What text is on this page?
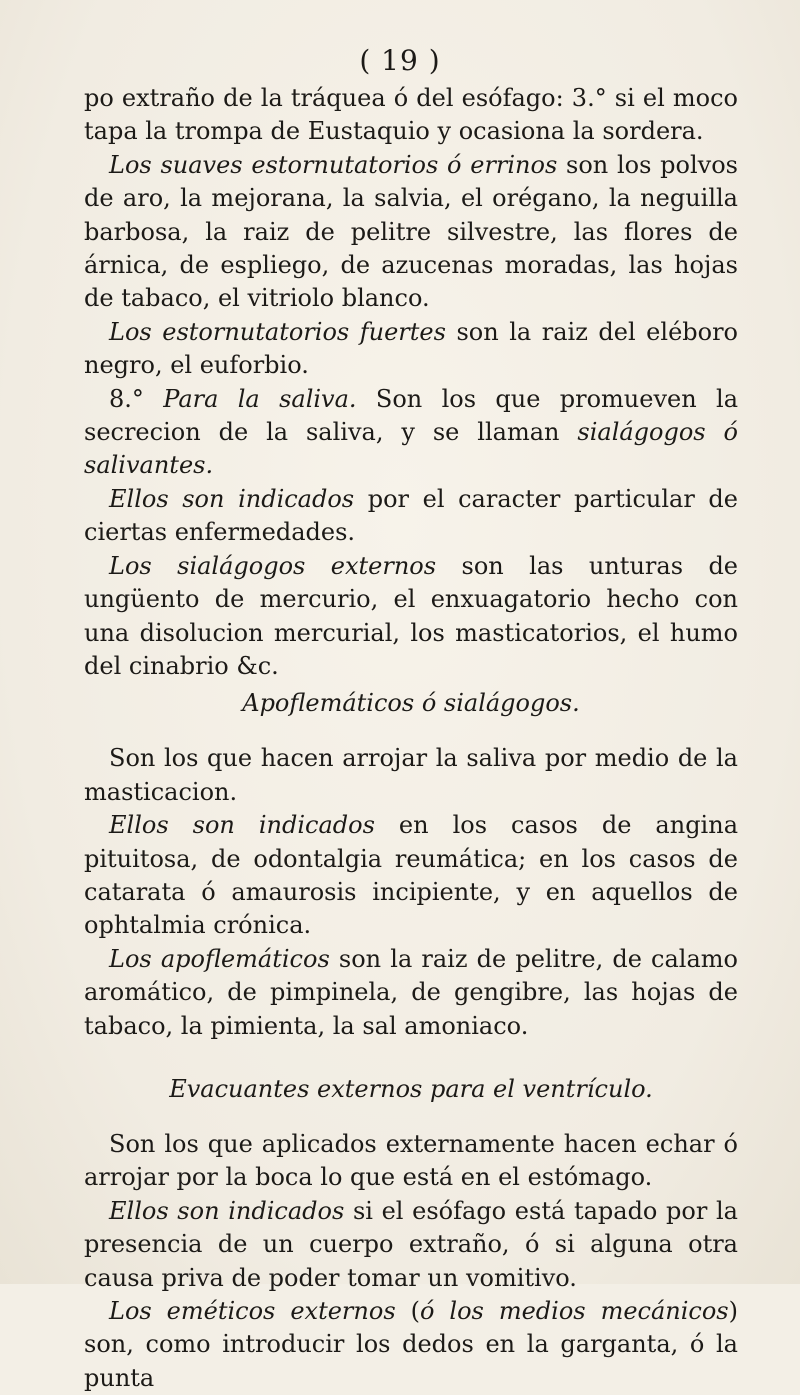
( 19 )

po extraño de la tráquea ó del esófago: 3.° si el moco tapa la trompa de Eustaquio y ocasiona la sordera.

Los suaves estornutatorios ó errinos son los polvos de aro, la mejorana, la salvia, el orégano, la neguilla barbosa, la raiz de pelitre silvestre, las flores de árnica, de espliego, de azucenas moradas, las hojas de tabaco, el vitriolo blanco.

Los estornutatorios fuertes son la raiz del eléboro negro, el euforbio.

8.° Para la saliva. Son los que promueven la secrecion de la saliva, y se llaman sialágogos ó salivantes.

Ellos son indicados por el caracter particular de ciertas enfermedades.

Los sialágogos externos son las unturas de ungüento de mercurio, el enxuagatorio hecho con una disolucion mercurial, los masticatorios, el humo del cinabrio &c.

Apoflemáticos ó sialágogos.

Son los que hacen arrojar la saliva por medio de la masticacion.

Ellos son indicados en los casos de angina pituitosa, de odontalgia reumática; en los casos de catarata ó amaurosis incipiente, y en aquellos de ophtalmia crónica.

Los apoflemáticos son la raiz de pelitre, de calamo aromático, de pimpinela, de gengibre, las hojas de tabaco, la pimienta, la sal amoniaco.

Evacuantes externos para el ventrículo.

Son los que aplicados externamente hacen echar ó arrojar por la boca lo que está en el estómago.

Ellos son indicados si el esófago está tapado por la presencia de un cuerpo extraño, ó si alguna otra causa priva de poder tomar un vomitivo.

Los eméticos externos (ó los medios mecánicos) son, como introducir los dedos en la garganta, ó la punta
